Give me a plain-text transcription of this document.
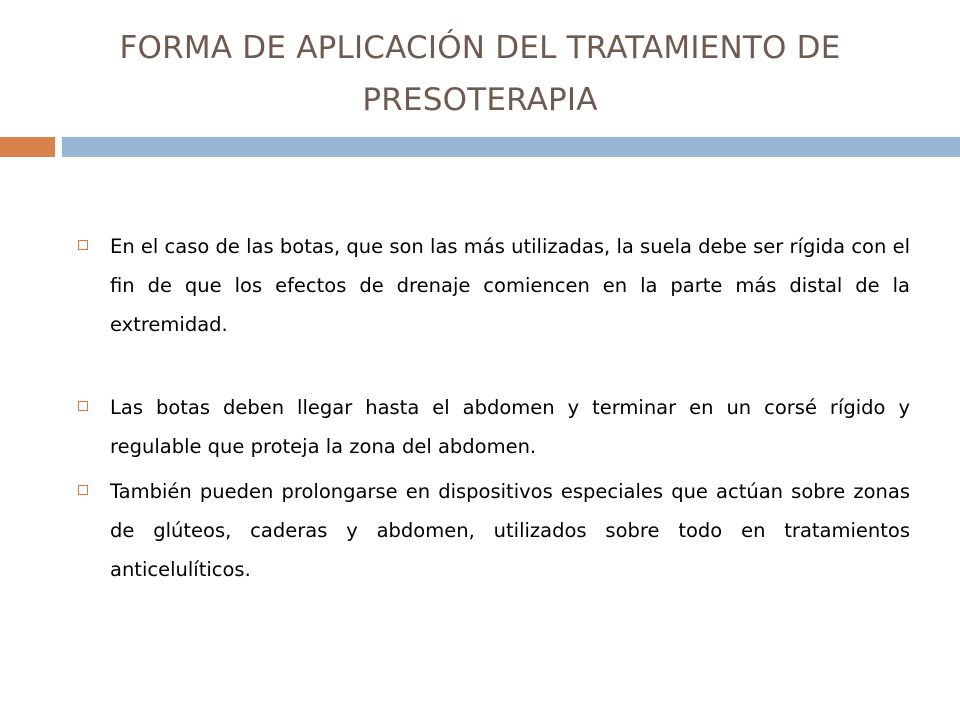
FORMA DE APLICACIÓN DEL TRATAMIENTO DE
PRESOTERAPIA
En el caso de las botas, que son las más utilizadas, la suela debe ser rígida con el fin de que los efectos de drenaje comiencen en la parte más distal de la extremidad.
Las botas deben llegar hasta el abdomen y terminar en un corsé rígido y regulable que proteja la zona del abdomen.
También pueden prolongarse en dispositivos especiales que actúan sobre zonas de glúteos, caderas y abdomen, utilizados sobre todo en tratamientos anticelulíticos.
